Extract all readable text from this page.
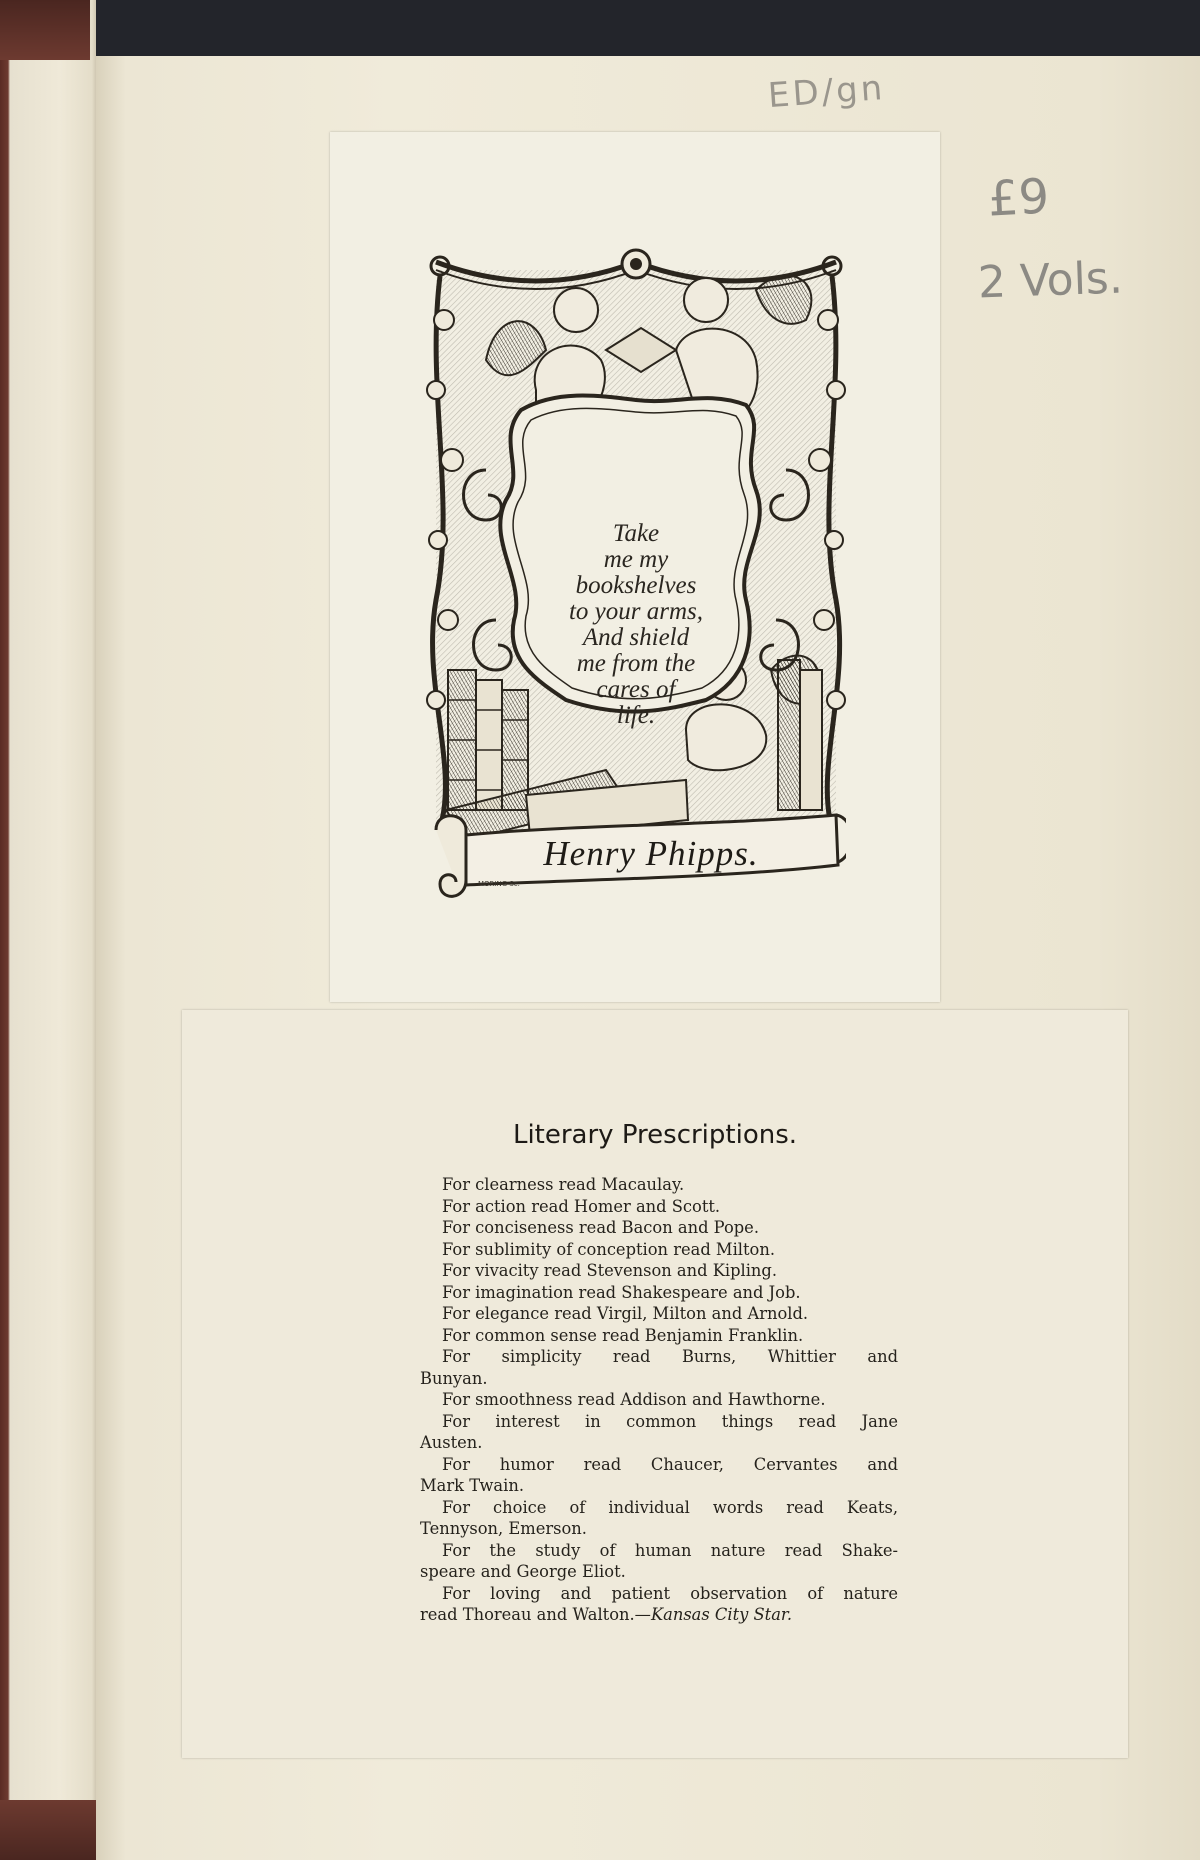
ED/gn
£9
2 Vols.
Take
me my
bookshelves
to your arms,
And shield
me from the
cares of
life.
Henry Phipps.
MORING Sc.
Literary Prescriptions.
For clearness read Macaulay.
For action read Homer and Scott.
For conciseness read Bacon and Pope.
For sublimity of conception read Milton.
For vivacity read Stevenson and Kipling.
For imagination read Shakespeare and Job.
For elegance read Virgil, Milton and Arnold.
For common sense read Benjamin Franklin.
For simplicity read Burns, Whittier and
Bunyan.
For smoothness read Addison and Hawthorne.
For interest in common things read Jane
Austen.
For humor read Chaucer, Cervantes and
Mark Twain.
For choice of individual words read Keats,
Tennyson, Emerson.
For the study of human nature read Shake-
speare and George Eliot.
For loving and patient observation of nature
read Thoreau and Walton.—Kansas City Star.
